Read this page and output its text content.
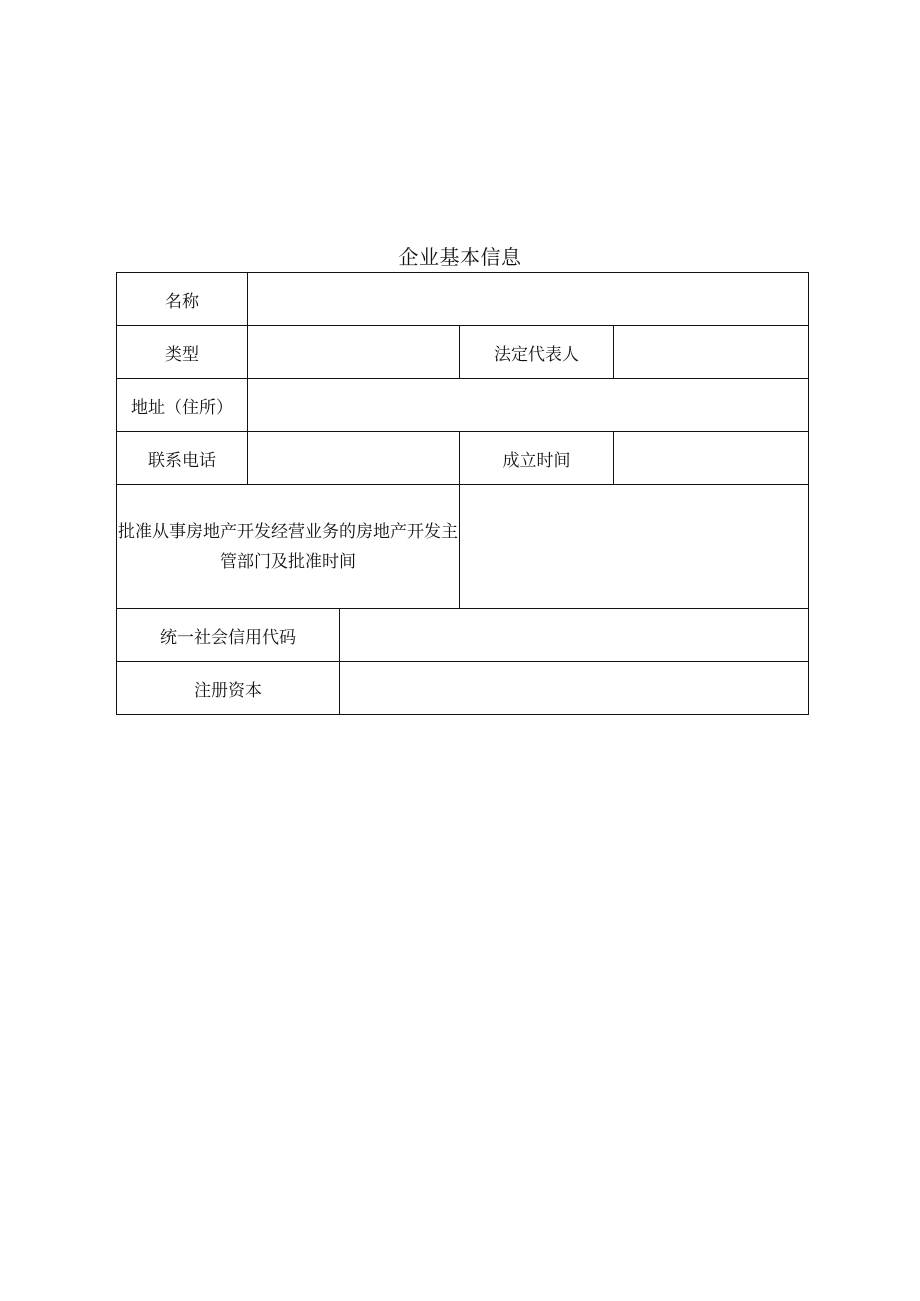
企业基本信息
名称				
类型			法定代表人	
地址（住所）				
联系电话			成立时间	
批准从事房地产开发经营业务的房地产开发主管部门及批准时间				
统一社会信用代码				
注册资本				
